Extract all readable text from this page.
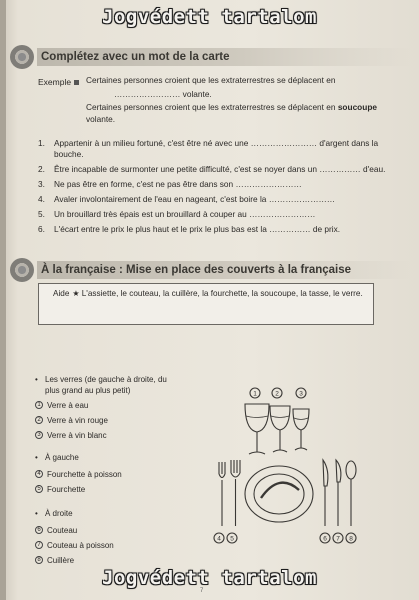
Jogvédett tartalom
Complétez avec un mot de la carte
Exemple	Certaines personnes croient que les extraterrestres se déplacent en

…………………… volante.

Certaines personnes croient que les extraterrestres se déplacent en soucoupe

volante.

1.	Appartenir à un milieu fortuné, c'est être né avec une …………………… d'argent dans la bouche.
2.	Être incapable de surmonter une petite difficulté, c'est se noyer dans un …………… d'eau.
3.	Ne pas être en forme, c'est ne pas être dans son ……………………
4.	Avaler involontairement de l'eau en nageant, c'est boire la ……………………
5.	Un brouillard très épais est un brouillard à couper au ……………………
6.	L'écart entre le prix le plus haut et le prix le plus bas est la …………… de prix.
Aide ★ L'assiette, le couteau, la cuillère, la fourchette, la soucoupe, la tasse, le verre.
À la française : Mise en place des couverts à la française
• Les verres (de gauche à droite, du
plus grand au plus petit)
1 Verre à eau
2 Verre à vin rouge
3 Verre à vin blanc
• À gauche
4 Fourchette à poisson
5 Fourchette
• À droite
6 Couteau
7 Couteau à poisson
8 Cuillère
1	2	3
4 5	6 7 8
7
Jogvédett tartalom
